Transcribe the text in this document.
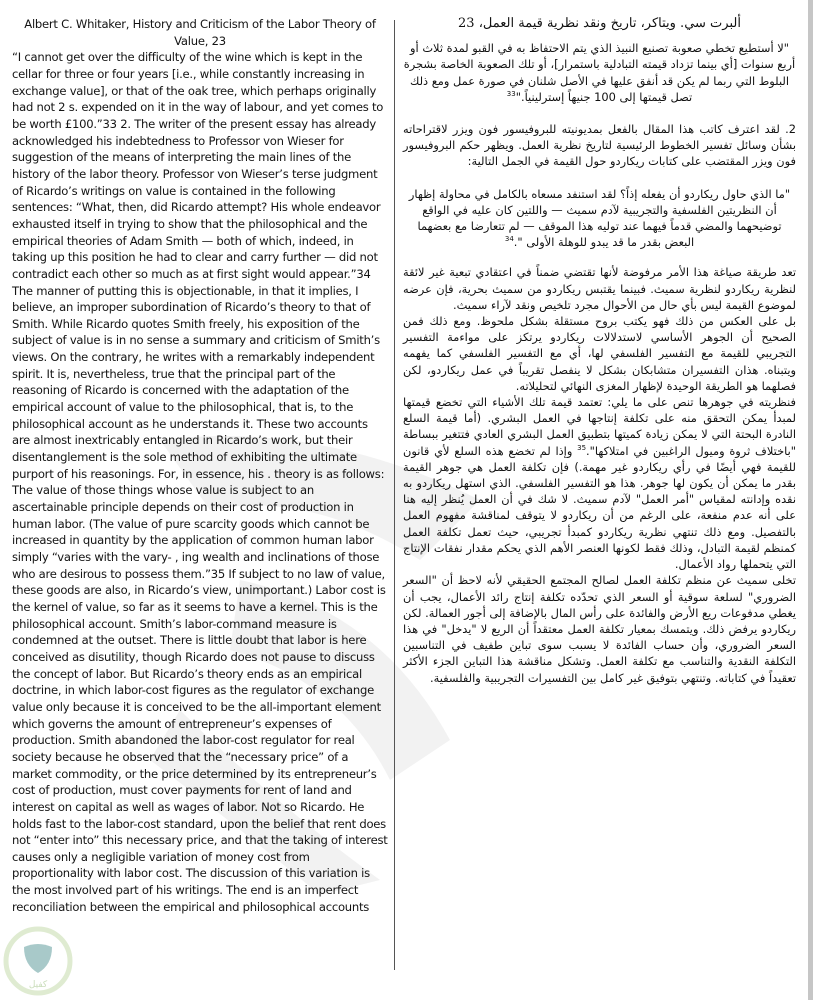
Albert C. Whitaker, History and Criticism of the Labor Theory of Value, 23

“I cannot get over the difficulty of the wine which is kept in the cellar for three or four years [i.e., while constantly increasing in exchange value], or that of the oak tree, which perhaps originally had not 2 s. expended on it in the way of labour, and yet comes to be worth £100.”33 2. The writer of the present essay has already acknowledged his indebtedness to Professor von Wieser for suggestion of the means of interpreting the main lines of the history of the labor theory. Professor von Wieser’s terse judgment of Ricardo’s writings on value is contained in the following sentences: “What, then, did Ricardo attempt? His whole endeavor exhausted itself in trying to show that the philosophical and the empirical theories of Adam Smith — both of which, indeed, in taking up this position he had to clear and carry further — did not contradict each other so much as at first sight would appear.”34 The manner of putting this is objectionable, in that it implies, I believe, an improper subordination of Ricardo’s theory to that of Smith. While Ricardo quotes Smith freely, his exposition of the subject of value is in no sense a summary and criticism of Smith’s views. On the contrary, he writes with a remarkably independent spirit. It is, nevertheless, true that the principal part of the reasoning of Ricardo is concerned with the adaptation of the empirical account of value to the philosophical, that is, to the philosophical account as he understands it. These two accounts are almost inextricably entangled in Ricardo’s work, but their disentanglement is the sole method of exhibiting the ultimate purport of his reasonings. For, in essence, his . theory is as follows: The value of those things whose value is subject to an ascertainable principle depends on their cost of production in human labor. (The value of pure scarcity goods which cannot be increased in quantity by the application of common human labor simply “varies with the vary- , ing wealth and inclinations of those who are desirous to possess them.”35 If subject to no law of value, these goods are also, in Ricardo’s view, unimportant.) Labor cost is the kernel of value, so far as it seems to have a kernel. This is the philosophical account. Smith’s labor-command measure is condemned at the outset. There is little doubt that labor is here conceived as disutility, though Ricardo does not pause to discuss the concept of labor. But Ricardo’s theory ends as an empirical doctrine, in which labor-cost figures as the regulator of exchange value only because it is conceived to be the all-important element which governs the amount of entrepreneur’s expenses of production. Smith abandoned the labor-cost regulator for real society because he observed that the “necessary price” of a market commodity, or the price determined by its entrepreneur’s cost of production, must cover payments for rent of land and interest on capital as well as wages of labor. Not so Ricardo. He holds fast to the labor-cost standard, upon the belief that rent does not “enter into” this necessary price, and that the taking of interest causes only a negligible variation of money cost from proportionality with labor cost. The discussion of this variation is the most involved part of his writings. The end is an imperfect reconciliation between the empirical and philosophical accounts

ألبرت سي. ويتاكر، تاريخ ونقد نظرية قيمة العمل، 23

"لا أستطيع تخطي صعوبة تصنيع النبيذ الذي يتم الاحتفاظ به في القبو لمدة ثلاث أو أربع سنوات [أي بينما تزداد قيمته التبادلية باستمرار]، أو تلك الصعوبة الخاصة بشجرة البلوط التي ربما لم يكن قد أنفق عليها في الأصل شلنان في صورة عمل ومع ذلك تصل قيمتها إلى 100 جنيهاً إسترلينياً."$^{33}$

2. لقد اعترف كاتب هذا المقال بالفعل بمديونيته للبروفيسور فون ويزر لاقتراحاته بشأن وسائل تفسير الخطوط الرئيسية لتاريخ نظرية العمل. ويظهر حكم البروفيسور فون ويزر المقتضب على كتابات ريكاردو حول القيمة في الجمل التالية:

"ما الذي حاول ريكاردو أن يفعله إذاً؟ لقد استنفد مسعاه بالكامل في محاولة إظهار أن النظريتين الفلسفية والتجريبية لآدم سميث — واللتين كان عليه في الواقع توضيحهما والمضي قدماً فيهما عند توليه هذا الموقف — لم تتعارضا مع بعضهما البعض بقدر ما قد يبدو للوهلة الأولى ".$^{34}$

تعد طريقة صياغة هذا الأمر مرفوضة لأنها تقتضي ضمناً في اعتقادي تبعية غير لائقة لنظرية ريكاردو لنظرية سميث. فبينما يقتبس ريكاردو من سميث بحرية، فإن عرضه لموضوع القيمة ليس بأي حال من الأحوال مجرد تلخيص ونقد لآراء سميث.

بل على العكس من ذلك فهو يكتب بروح مستقلة بشكل ملحوظ. ومع ذلك فمن الصحيح أن الجوهر الأساسي لاستدلالات ريكاردو يرتكز على مواءمة التفسير التجريبي للقيمة مع التفسير الفلسفي لها، أي مع التفسير الفلسفي كما يفهمه ويتبناه. هذان التفسيران متشابكان بشكل لا ينفصل تقريباً في عمل ريكاردو، لكن فصلهما هو الطريقة الوحيدة لإظهار المغزى النهائي لتحليلاته.

فنظريته في جوهرها تنص على ما يلي: تعتمد قيمة تلك الأشياء التي تخضع قيمتها لمبدأ يمكن التحقق منه على تكلفة إنتاجها في العمل البشري. (أما قيمة السلع النادرة البحتة التي لا يمكن زيادة كميتها بتطبيق العمل البشري العادي فتتغير ببساطة "باختلاف ثروة وميول الراغبين في امتلاكها".$^{35}$ وإذا لم تخضع هذه السلع لأي قانون للقيمة فهي أيضًا في رأي ريكاردو غير مهمة.) فإن تكلفة العمل هي جوهر القيمة بقدر ما يمكن أن يكون لها جوهر. هذا هو التفسير الفلسفي. الذي استهل ريكاردو به نقده وإدانته لمقياس "أمر العمل" لآدم سميث. لا شك في أن العمل يُنظر إليه هنا على أنه عدم منفعة، على الرغم من أن ريكاردو لا يتوقف لمناقشة مفهوم العمل بالتفصيل. ومع ذلك تنتهي نظرية ريكاردو كمبدأ تجريبي، حيث تعمل تكلفة العمل كمنظم لقيمة التبادل، وذلك فقط لكونها العنصر الأهم الذي يحكم مقدار نفقات الإنتاج التي يتحملها رواد الأعمال.

تخلى سميث عن منظم تكلفة العمل لصالح المجتمع الحقيقي لأنه لاحظ أن "السعر الضروري" لسلعة سوقية أو السعر الذي تحدّده تكلفة إنتاج رائد الأعمال، يجب أن يغطي مدفوعات ريع الأرض والفائدة على رأس المال بالإضافة إلى أجور العمالة. لكن ريكاردو يرفض ذلك. ويتمسك بمعيار تكلفة العمل معتقداً أن الريع لا "يدخل" في هذا السعر الضروري، وأن حساب الفائدة لا يسبب سوى تباين طفيف في التناسبين التكلفة النقدية والتناسب مع تكلفة العمل. وتشكل مناقشة هذا التباين الجزء الأكثر تعقيداً في كتاباته. وتنتهي بتوفيق غير كامل بين التفسيرات التجريبية والفلسفية.

كفيل
